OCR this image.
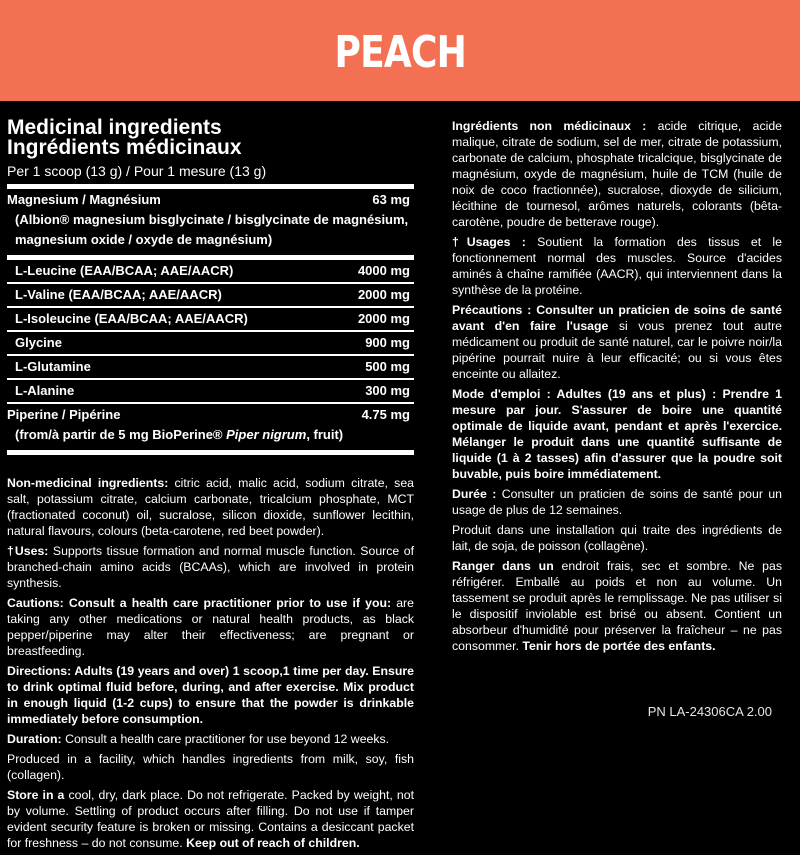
PEACH
Medicinal ingredients
Ingrédients médicinaux
Per 1 scoop (13 g) / Pour 1 mesure (13 g)
Magnesium / Magnésium	63 mg
(Albion® magnesium bisglycinate / bisglycinate de magnésium,
magnesium oxide / oxyde de magnésium)
L-Leucine (EAA/BCAA; AAE/AACR)	4000 mg
L-Valine (EAA/BCAA; AAE/AACR)	2000 mg
L-Isoleucine (EAA/BCAA; AAE/AACR)	2000 mg
Glycine	900 mg
L-Glutamine	500 mg
L-Alanine	300 mg
Piperine / Pipérine	4.75 mg
(from/à partir de 5 mg BioPerine® Piper nigrum, fruit)

Non-medicinal ingredients: citric acid, malic acid, sodium citrate, sea salt, potassium citrate, calcium carbonate, tricalcium phosphate, MCT (fractionated coconut) oil, sucralose, silicon dioxide, sunflower lecithin, natural flavours, colours (beta-carotene, red beet powder).

†Uses: Supports tissue formation and normal muscle function. Source of branched-chain amino acids (BCAAs), which are involved in protein synthesis.

Cautions: Consult a health care practitioner prior to use if you: are taking any other medications or natural health products, as black pepper/piperine may alter their effectiveness; are pregnant or breastfeeding.

Directions: Adults (19 years and over) 1 scoop,1 time per day. Ensure to drink optimal fluid before, during, and after exercise. Mix product in enough liquid (1-2 cups) to ensure that the powder is drinkable immediately before consumption.

Duration: Consult a health care practitioner for use beyond 12 weeks.

Produced in a facility, which handles ingredients from milk, soy, fish (collagen).

Store in a cool, dry, dark place. Do not refrigerate. Packed by weight, not by volume. Settling of product occurs after filling. Do not use if tamper evident security feature is broken or missing. Contains a desiccant packet for freshness – do not consume. Keep out of reach of children.

Ingrédients non médicinaux : acide citrique, acide malique, citrate de sodium, sel de mer, citrate de potassium, carbonate de calcium, phosphate tricalcique, bisglycinate de magnésium, oxyde de magnésium, huile de TCM (huile de noix de coco fractionnée), sucralose, dioxyde de silicium, lécithine de tournesol, arômes naturels, colorants (bêta-carotène, poudre de betterave rouge).

†Usages : Soutient la formation des tissus et le fonctionnement normal des muscles. Source d'acides aminés à chaîne ramifiée (AACR), qui interviennent dans la synthèse de la protéine.

Précautions : Consulter un praticien de soins de santé avant d'en faire l'usage si vous prenez tout autre médicament ou produit de santé naturel, car le poivre noir/la pipérine pourrait nuire à leur efficacité; ou si vous êtes enceinte ou allaitez.

Mode d'emploi : Adultes (19 ans et plus) : Prendre 1 mesure par jour. S'assurer de boire une quantité optimale de liquide avant, pendant et après l'exercice. Mélanger le produit dans une quantité suffisante de liquide (1 à 2 tasses) afin d'assurer que la poudre soit buvable, puis boire immédiatement.

Durée : Consulter un praticien de soins de santé pour un usage de plus de 12 semaines.

Produit dans une installation qui traite des ingrédients de lait, de soja, de poisson (collagène).

Ranger dans un endroit frais, sec et sombre. Ne pas réfrigérer. Emballé au poids et non au volume. Un tassement se produit après le remplissage. Ne pas utiliser si le dispositif inviolable est brisé ou absent. Contient un absorbeur d'humidité pour préserver la fraîcheur – ne pas consommer. Tenir hors de portée des enfants.

PN LA-24306CA 2.00
